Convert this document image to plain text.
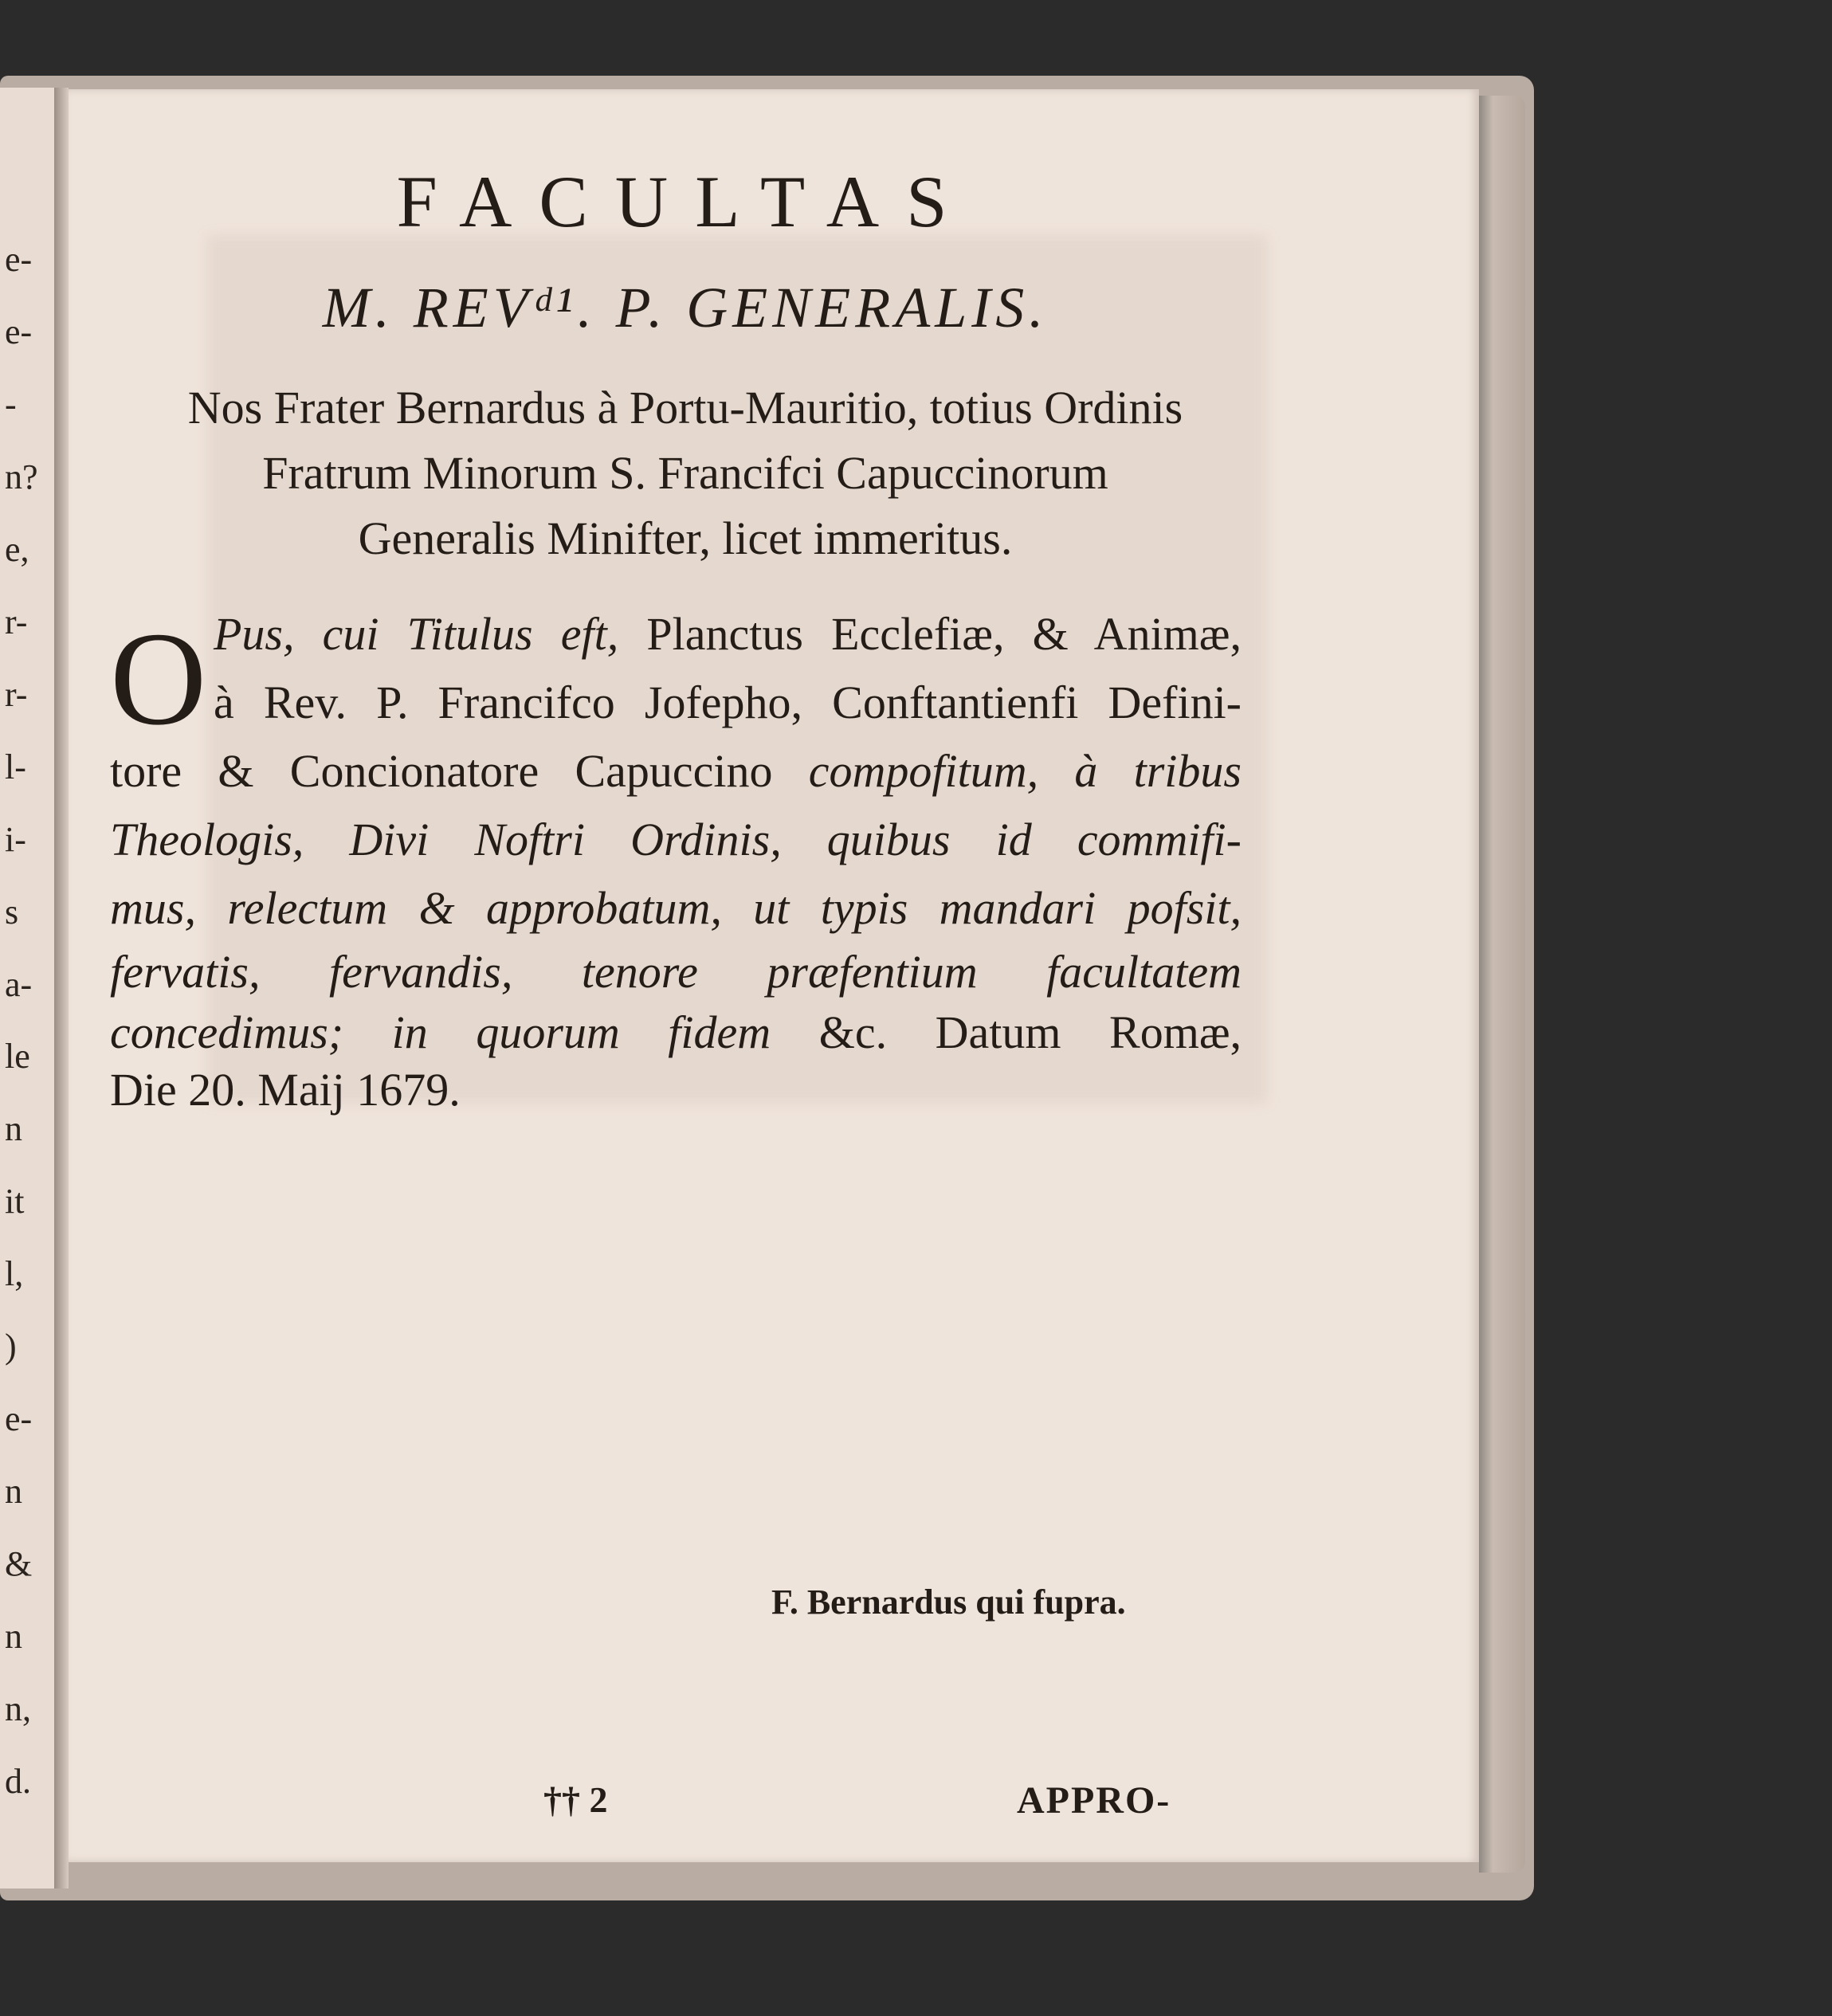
e-
e-
-
n?
e,
r-
r-
l-
i-
s
a-
le
n
it
l,
)
e-
n
&
n
n,
d.
FACULTAS
M. REVᵈ¹. P. GENERALIS.
Nos Frater Bernardus à Portu-Mauritio, totius Ordinis
Fratrum Minorum S. Francifci Capuccinorum
Generalis Minifter, licet immeritus.
O Pus, cui Titulus eft, Planctus Ecclefiæ, & Animæ,
à Rev. P. Francifco Jofepho, Conftantienfi Defini-
tore & Concionatore Capuccino compofitum, à tribus
Theologis, Divi Noftri Ordinis, quibus id commifi-
mus, relectum & approbatum, ut typis mandari pofsit,
fervatis, fervandis, tenore præfentium facultatem
concedimus; in quorum fidem &c. Datum Romæ,
Die 20. Maij 1679.
F. Bernardus qui fupra.
†† 2	APPRO-
